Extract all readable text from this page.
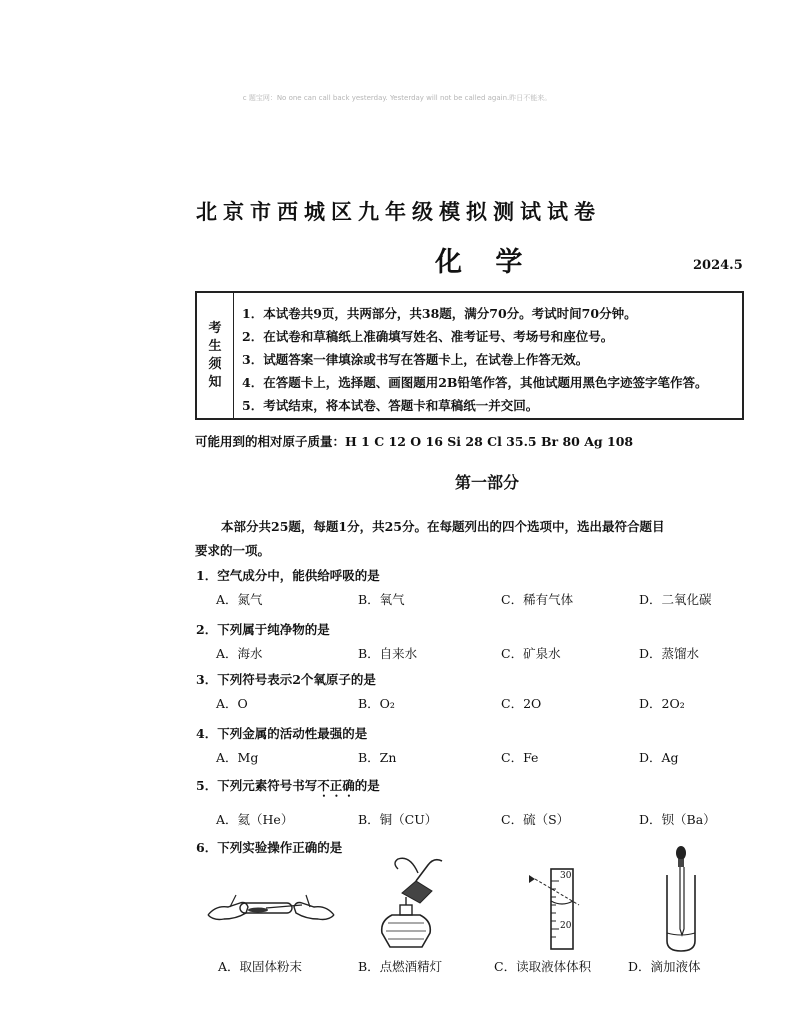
c 题宝网：No one can call back yesterday. Yesterday will not be called again.昨日不能来。
北京市西城区九年级模拟测试试卷
化 学	2024.5
考
生
须
知
1．本试卷共9页，共两部分，共38题，满分70分。考试时间70分钟。
2．在试卷和草稿纸上准确填写姓名、准考证号、考场号和座位号。
3．试题答案一律填涂或书写在答题卡上，在试卷上作答无效。
4．在答题卡上，选择题、画图题用2B铅笔作答，其他试题用黑色字迹签字笔作答。
5．考试结束，将本试卷、答题卡和草稿纸一并交回。
可能用到的相对原子质量：H 1 C 12 O 16 Si 28 Cl 35.5 Br 80 Ag 108
第一部分
本部分共25题，每题1分，共25分。在每题列出的四个选项中，选出最符合题目
要求的一项。
1．空气成分中，能供给呼吸的是
A．氮气	B．氧气	C．稀有气体	D．二氧化碳
2．下列属于纯净物的是
A．海水	B．自来水	C．矿泉水	D．蒸馏水
3．下列符号表示2个氧原子的是
A．O	B．O₂	C．2O	D．2O₂
4．下列金属的活动性最强的是
A．Mg	B．Zn	C．Fe	D．Ag
5．下列元素符号书写不正确的是
A．氦（He）	B．铜（CU）	C．硫（S）	D．钡（Ba）
6．下列实验操作正确的是
30
20
A．取固体粉末	B．点燃酒精灯	C．读取液体体积	D．滴加液体
